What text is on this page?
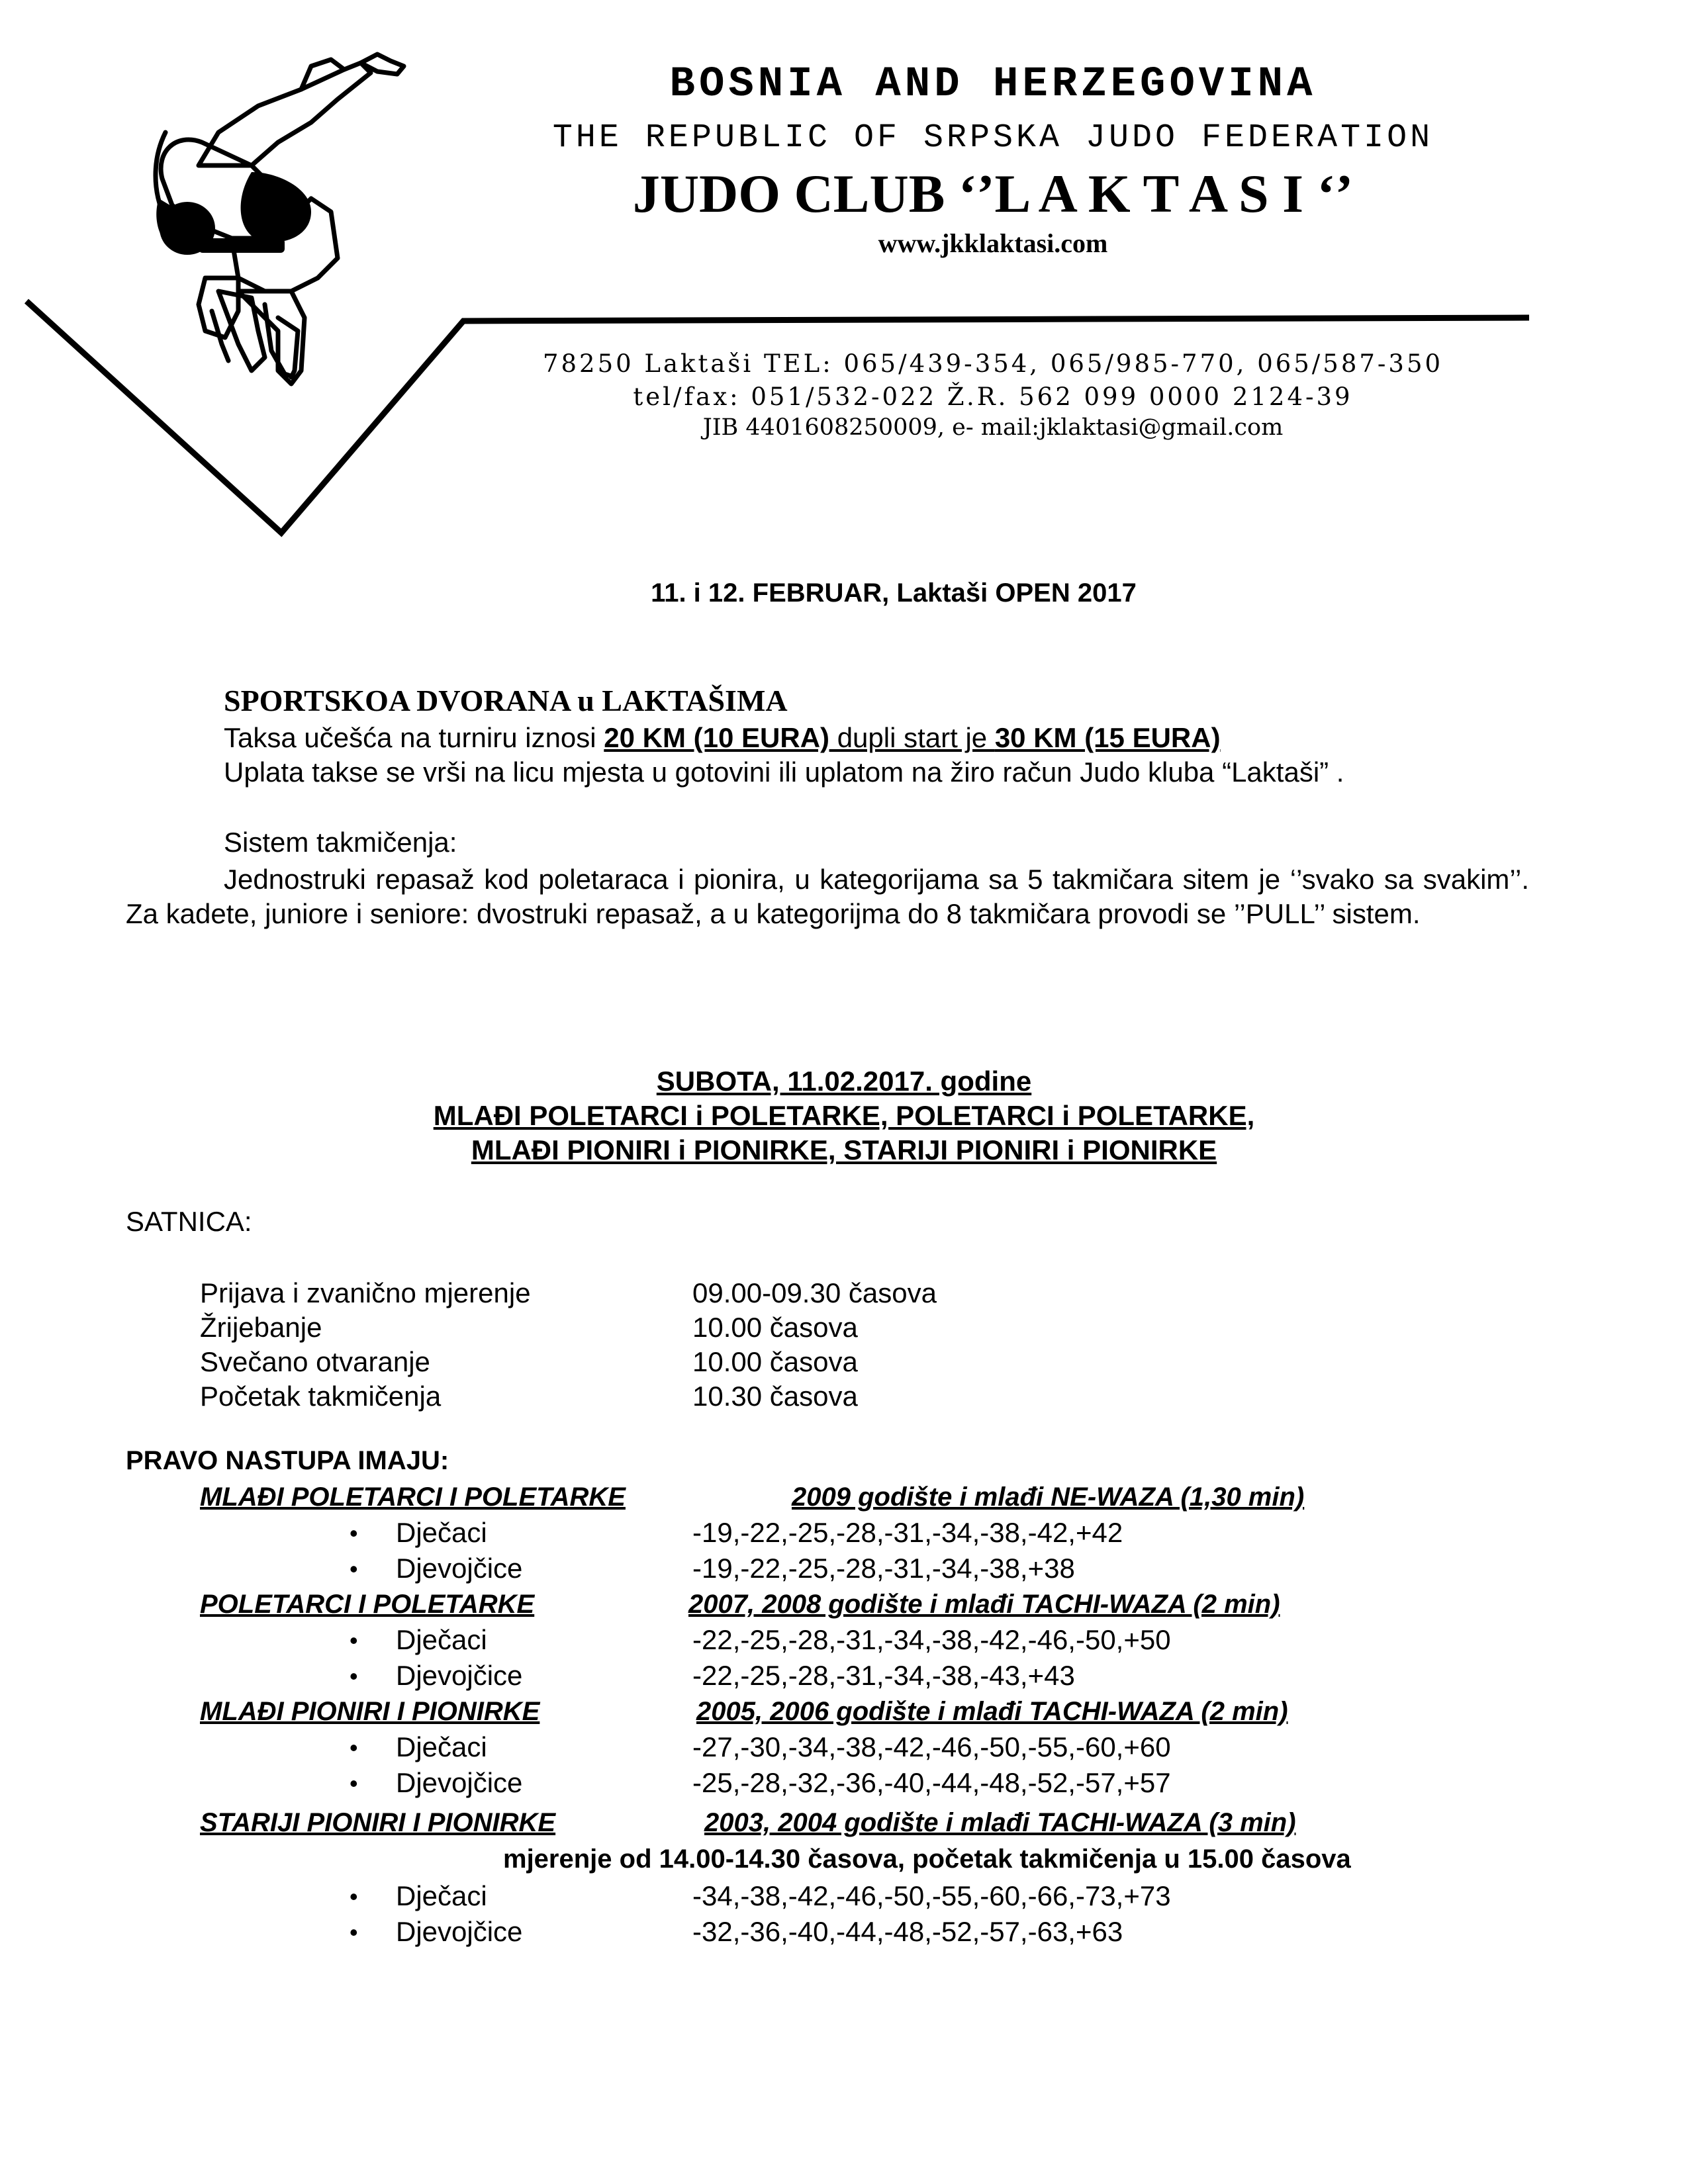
BOSNIA AND HERZEGOVINA
THE REPUBLIC OF SRPSKA JUDO FEDERATION
JUDO CLUB ‘’L A K T A S I ‘’
www.jkklaktasi.com
78250 Laktaši TEL: 065/439-354, 065/985-770, 065/587-350
tel/fax: 051/532-022 Ž.R. 562 099 0000 2124-39
JIB 4401608250009, e- mail:jklaktasi@gmail.com
11. i 12. FEBRUAR, Laktaši OPEN 2017
SPORTSKOA DVORANA u LAKTAŠIMA
Taksa učešća na turniru iznosi 20 KM (10 EURA) dupli start je 30 KM (15 EURA)
Uplata takse se vrši na licu mjesta u gotovini ili uplatom na žiro račun Judo kluba “Laktaši” .
Sistem takmičenja:
Jednostruki repasaž kod poletaraca i pionira, u kategorijama sa 5 takmičara sitem je ‘’svako sa svakim’’. Za kadete, juniore i seniore: dvostruki repasaž, a u kategorijma do 8 takmičara provodi se ’’PULL’’ sistem.
SUBOTA, 11.02.2017. godine
MLAĐI POLETARCI i POLETARKE, POLETARCI i POLETARKE,
MLAĐI PIONIRI i PIONIRKE, STARIJI PIONIRI i PIONIRKE
SATNICA:
Prijava i zvanično mjerenje	09.00-09.30 časova
Žrijebanje	10.00 časova
Svečano otvaranje	10.00 časova
Početak takmičenja	10.30 časova
PRAVO NASTUPA IMAJU:
MLAĐI POLETARCI I POLETARKE	2009 godište i mlađi NE-WAZA (1,30 min)
• Dječaci	-19,-22,-25,-28,-31,-34,-38,-42,+42
• Djevojčice	-19,-22,-25,-28,-31,-34,-38,+38
POLETARCI I POLETARKE	2007, 2008 godište i mlađi TACHI-WAZA (2 min)
• Dječaci	-22,-25,-28,-31,-34,-38,-42,-46,-50,+50
• Djevojčice	-22,-25,-28,-31,-34,-38,-43,+43
MLAĐI PIONIRI I PIONIRKE	2005, 2006 godište i mlađi TACHI-WAZA (2 min)
• Dječaci	-27,-30,-34,-38,-42,-46,-50,-55,-60,+60
• Djevojčice	-25,-28,-32,-36,-40,-44,-48,-52,-57,+57
STARIJI PIONIRI I PIONIRKE	2003, 2004 godište i mlađi TACHI-WAZA (3 min)
mjerenje od 14.00-14.30 časova, početak takmičenja u 15.00 časova
• Dječaci	-34,-38,-42,-46,-50,-55,-60,-66,-73,+73
• Djevojčice	-32,-36,-40,-44,-48,-52,-57,-63,+63
